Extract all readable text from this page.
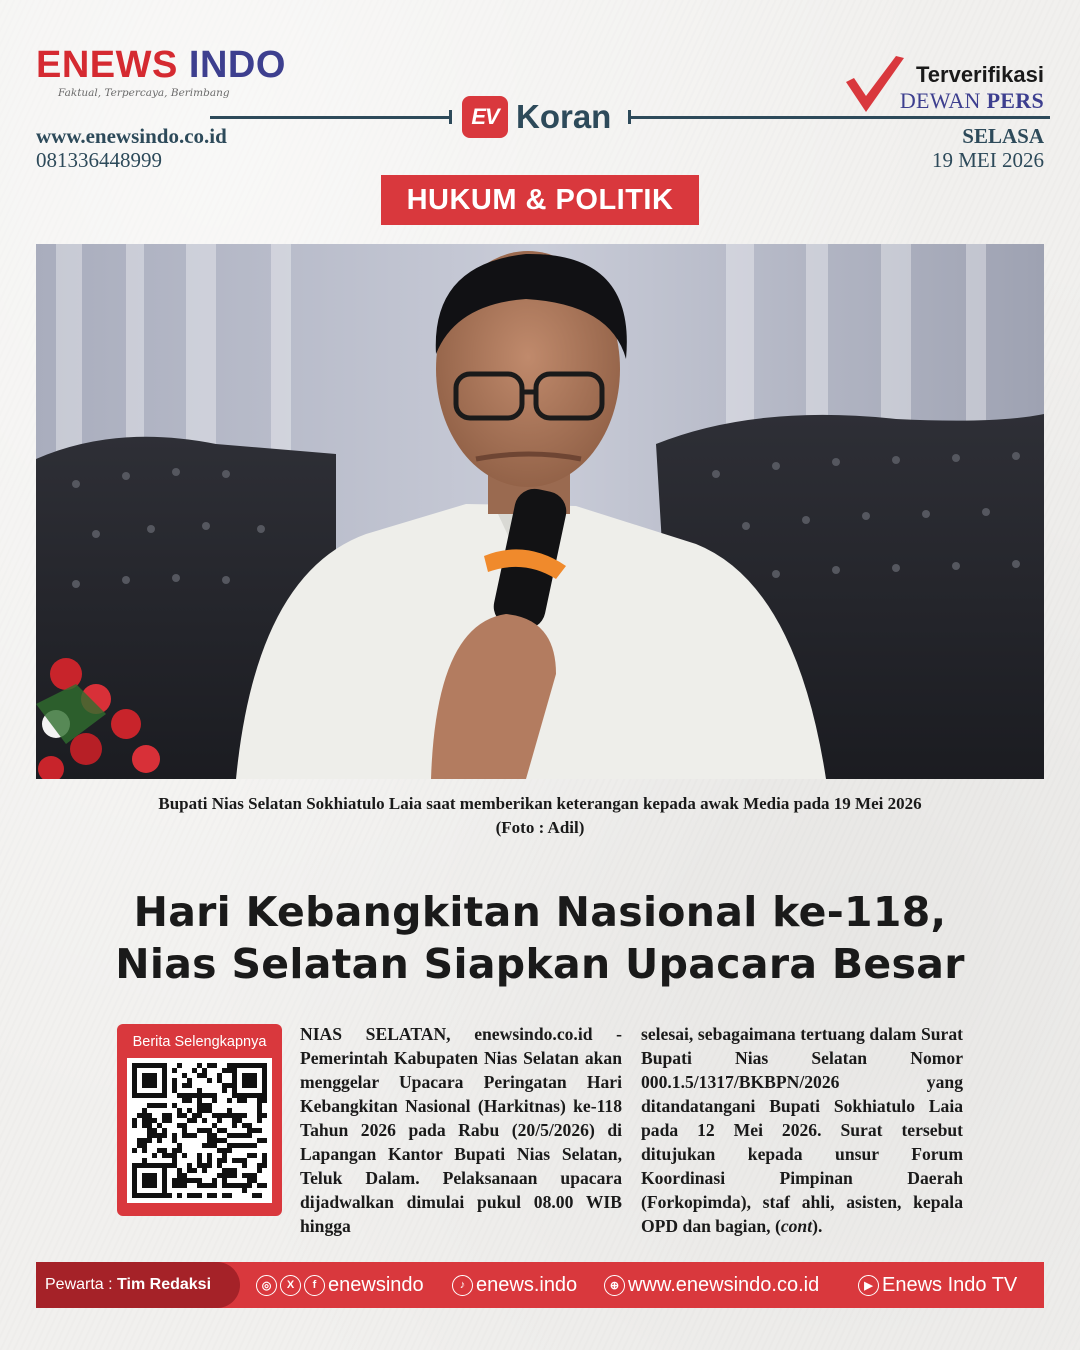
ENEWS INDO
Faktual, Terpercaya, Berimbang
EV Koran
www.enewsindo.co.id
081336448999
Terverifikasi
DEWAN PERS
SELASA
19 MEI 2026
HUKUM & POLITIK
Bupati Nias Selatan Sokhiatulo Laia saat memberikan keterangan kepada awak Media pada 19 Mei 2026
(Foto : Adil)
Hari Kebangkitan Nasional ke-118,
Nias Selatan Siapkan Upacara Besar
Berita Selengkapnya	NIAS SELATAN, enewsindo.co.id - Pemerintah Kabupaten Nias Selatan akan menggelar Upacara Peringatan Hari Kebangkitan Nasional (Harkitnas) ke-118 Tahun 2026 pada Rabu (20/5/2026) di Lapangan Kantor Bupati Nias Selatan, Teluk Dalam. Pelaksanaan upacara dijadwalkan dimulai pukul 08.00 WIB hingga
selesai, sebagaimana tertuang dalam Surat Bupati Nias Selatan Nomor 000.1.5/1317/BKBPN/2026 yang ditandatangani Bupati Sokhiatulo Laia pada 12 Mei 2026. Surat tersebut ditujukan kepada unsur Forum Koordinasi Pimpinan Daerah (Forkopimda), staf ahli, asisten, kepala OPD dan bagian, (cont).
Pewarta :
Tim Redaksi	◎	X	f enewsindo	♪ enews.indo	⊕ www.enewsindo.co.id	▶ Enews Indo TV
